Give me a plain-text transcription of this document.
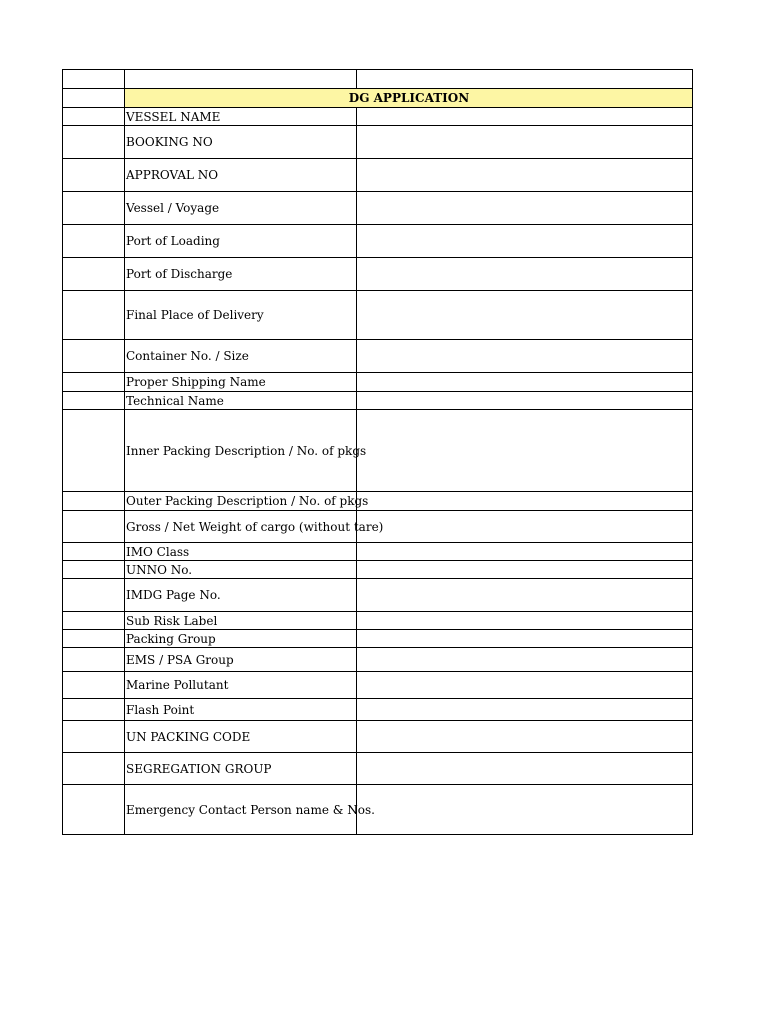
	DG APPLICATION	
	VESSEL NAME	
	BOOKING NO	
	APPROVAL NO	
	Vessel / Voyage	
	Port of Loading	
	Port of Discharge	
	Final Place of Delivery	
	Container No. / Size	
	Proper Shipping Name	
	Technical Name	
	Inner Packing Description / No. of pkgs	
	Outer Packing Description / No. of pkgs	
	Gross / Net Weight of cargo (without tare)	
	IMO Class	
	UNNO No.	
	IMDG Page No.	
	Sub Risk Label	
	Packing Group	
	EMS / PSA Group	
	Marine Pollutant	
	Flash Point	
	UN PACKING CODE	
	SEGREGATION GROUP	
	Emergency Contact Person name & Nos.	
